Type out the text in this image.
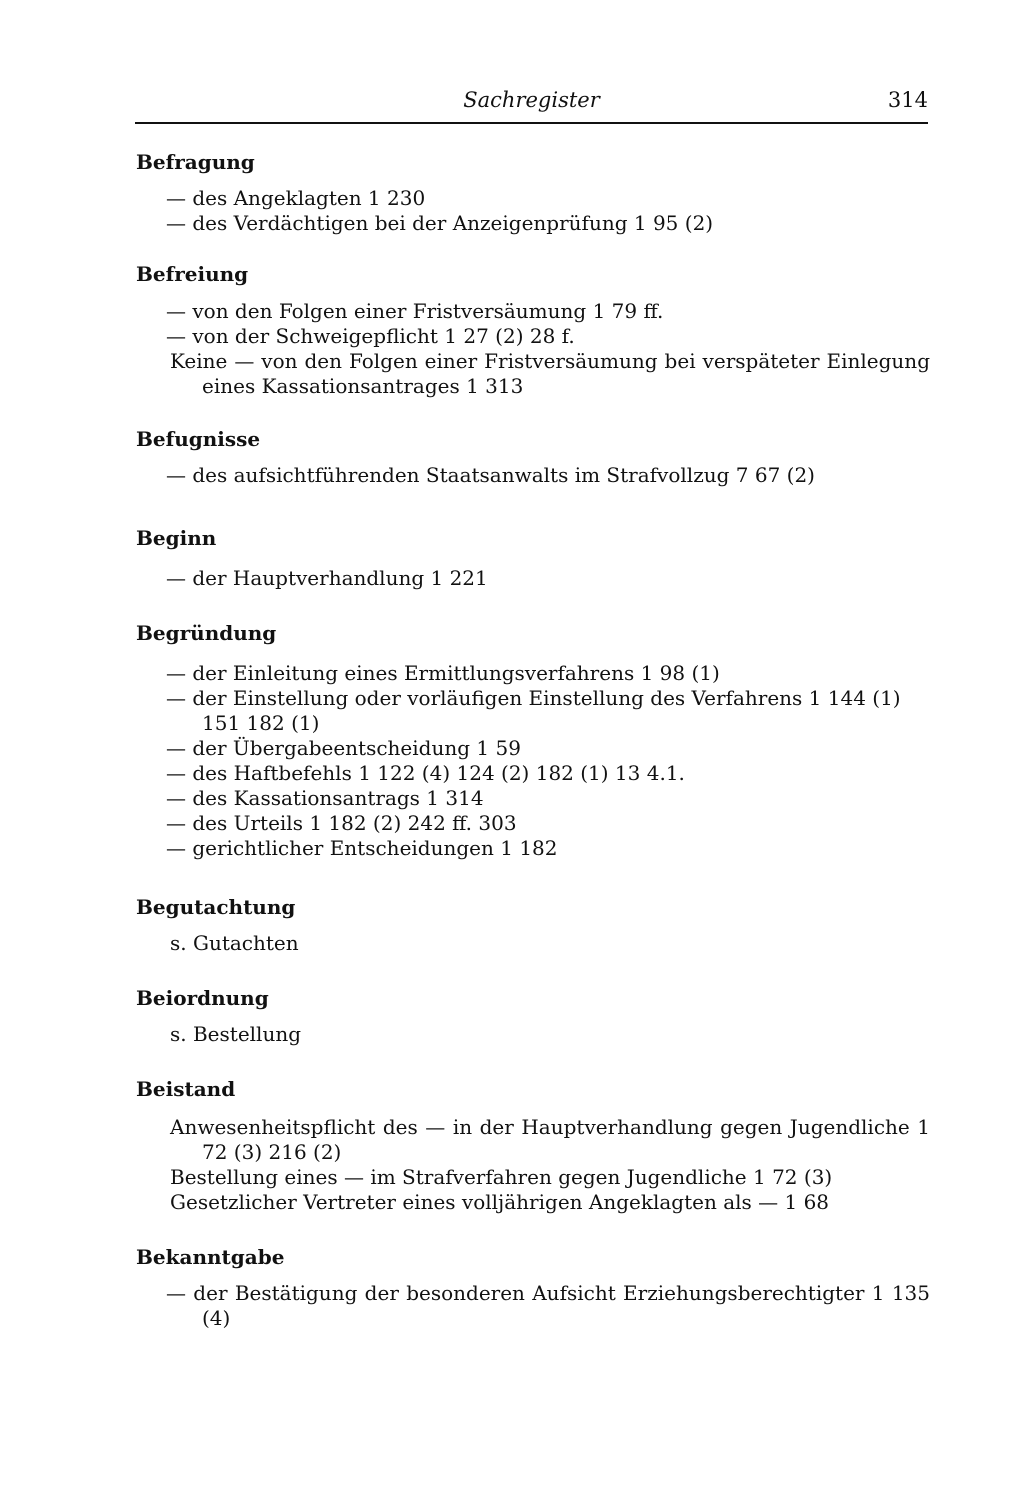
Sachregister	314
Befragung

— des Angeklagten 1 230

— des Verdächtigen bei der Anzeigenprüfung 1 95 (2)

Befreiung

— von den Folgen einer Fristversäumung 1 79 ff.

— von der Schweigepflicht 1 27 (2) 28 f.

Keine — von den Folgen einer Fristversäumung bei verspäteter Einlegung eines Kassationsantrages 1 313

Befugnisse

— des aufsichtführenden Staatsanwalts im Strafvollzug 7 67 (2)

Beginn

— der Hauptverhandlung 1 221

Begründung

— der Einleitung eines Ermittlungsverfahrens 1 98 (1)

— der Einstellung oder vorläufigen Einstellung des Verfahrens 1 144 (1) 151 182 (1)

— der Übergabeentscheidung 1 59

— des Haftbefehls 1 122 (4) 124 (2) 182 (1) 13 4.1.

— des Kassationsantrags 1 314

— des Urteils 1 182 (2) 242 ff. 303

— gerichtlicher Entscheidungen 1 182

Begutachtung

s. Gutachten

Beiordnung

s. Bestellung

Beistand

Anwesenheitspflicht des — in der Hauptverhandlung gegen Jugendliche 1 72 (3) 216 (2)

Bestellung eines — im Strafverfahren gegen Jugendliche 1 72 (3)

Gesetzlicher Vertreter eines volljährigen Angeklagten als — 1 68

Bekanntgabe

— der Bestätigung der besonderen Aufsicht Erziehungsberechtigter 1 135 (4)
